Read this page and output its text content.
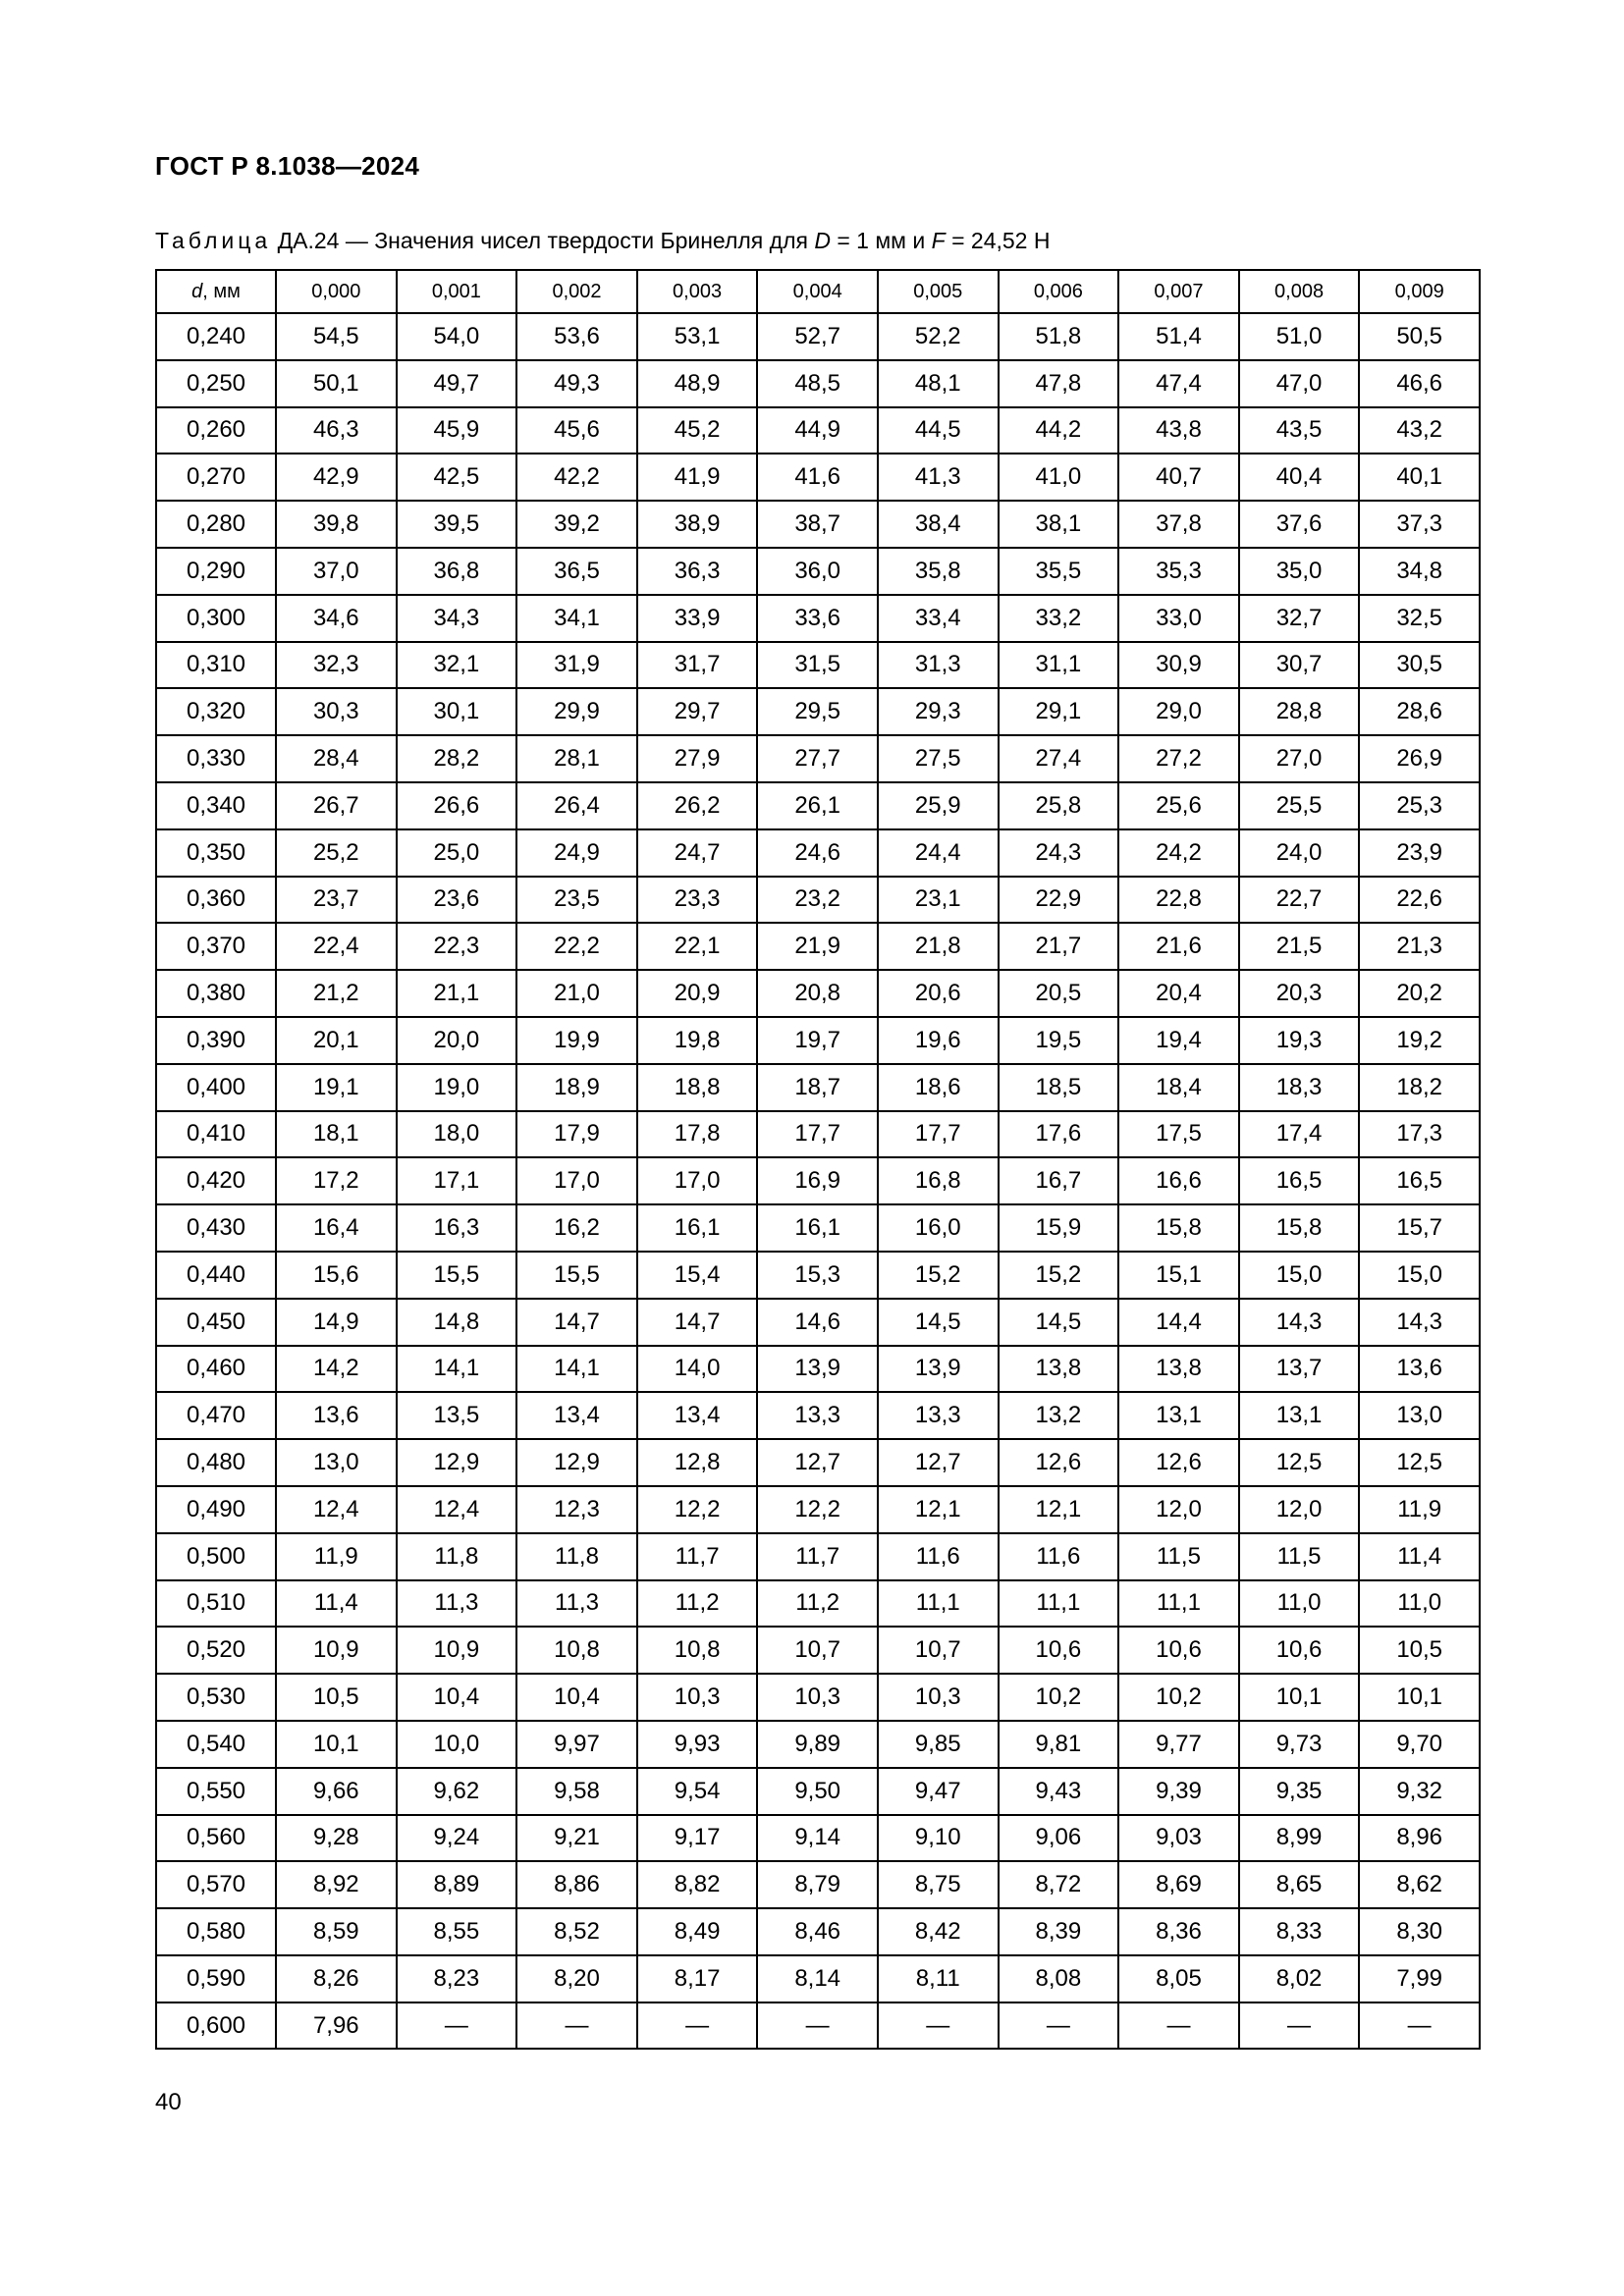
ГОСТ Р 8.1038—2024
Таблица ДА.24 — Значения чисел твердости Бринелля для D = 1 мм и F = 24,52 Н
d, мм	0,000	0,001	0,002	0,003	0,004	0,005	0,006	0,007	0,008	0,009
0,240	54,5	54,0	53,6	53,1	52,7	52,2	51,8	51,4	51,0	50,5
0,250	50,1	49,7	49,3	48,9	48,5	48,1	47,8	47,4	47,0	46,6
0,260	46,3	45,9	45,6	45,2	44,9	44,5	44,2	43,8	43,5	43,2
0,270	42,9	42,5	42,2	41,9	41,6	41,3	41,0	40,7	40,4	40,1
0,280	39,8	39,5	39,2	38,9	38,7	38,4	38,1	37,8	37,6	37,3
0,290	37,0	36,8	36,5	36,3	36,0	35,8	35,5	35,3	35,0	34,8
0,300	34,6	34,3	34,1	33,9	33,6	33,4	33,2	33,0	32,7	32,5
0,310	32,3	32,1	31,9	31,7	31,5	31,3	31,1	30,9	30,7	30,5
0,320	30,3	30,1	29,9	29,7	29,5	29,3	29,1	29,0	28,8	28,6
0,330	28,4	28,2	28,1	27,9	27,7	27,5	27,4	27,2	27,0	26,9
0,340	26,7	26,6	26,4	26,2	26,1	25,9	25,8	25,6	25,5	25,3
0,350	25,2	25,0	24,9	24,7	24,6	24,4	24,3	24,2	24,0	23,9
0,360	23,7	23,6	23,5	23,3	23,2	23,1	22,9	22,8	22,7	22,6
0,370	22,4	22,3	22,2	22,1	21,9	21,8	21,7	21,6	21,5	21,3
0,380	21,2	21,1	21,0	20,9	20,8	20,6	20,5	20,4	20,3	20,2
0,390	20,1	20,0	19,9	19,8	19,7	19,6	19,5	19,4	19,3	19,2
0,400	19,1	19,0	18,9	18,8	18,7	18,6	18,5	18,4	18,3	18,2
0,410	18,1	18,0	17,9	17,8	17,7	17,7	17,6	17,5	17,4	17,3
0,420	17,2	17,1	17,0	17,0	16,9	16,8	16,7	16,6	16,5	16,5
0,430	16,4	16,3	16,2	16,1	16,1	16,0	15,9	15,8	15,8	15,7
0,440	15,6	15,5	15,5	15,4	15,3	15,2	15,2	15,1	15,0	15,0
0,450	14,9	14,8	14,7	14,7	14,6	14,5	14,5	14,4	14,3	14,3
0,460	14,2	14,1	14,1	14,0	13,9	13,9	13,8	13,8	13,7	13,6
0,470	13,6	13,5	13,4	13,4	13,3	13,3	13,2	13,1	13,1	13,0
0,480	13,0	12,9	12,9	12,8	12,7	12,7	12,6	12,6	12,5	12,5
0,490	12,4	12,4	12,3	12,2	12,2	12,1	12,1	12,0	12,0	11,9
0,500	11,9	11,8	11,8	11,7	11,7	11,6	11,6	11,5	11,5	11,4
0,510	11,4	11,3	11,3	11,2	11,2	11,1	11,1	11,1	11,0	11,0
0,520	10,9	10,9	10,8	10,8	10,7	10,7	10,6	10,6	10,6	10,5
0,530	10,5	10,4	10,4	10,3	10,3	10,3	10,2	10,2	10,1	10,1
0,540	10,1	10,0	9,97	9,93	9,89	9,85	9,81	9,77	9,73	9,70
0,550	9,66	9,62	9,58	9,54	9,50	9,47	9,43	9,39	9,35	9,32
0,560	9,28	9,24	9,21	9,17	9,14	9,10	9,06	9,03	8,99	8,96
0,570	8,92	8,89	8,86	8,82	8,79	8,75	8,72	8,69	8,65	8,62
0,580	8,59	8,55	8,52	8,49	8,46	8,42	8,39	8,36	8,33	8,30
0,590	8,26	8,23	8,20	8,17	8,14	8,11	8,08	8,05	8,02	7,99
0,600	7,96	—	—	—	—	—	—	—	—	—
40
